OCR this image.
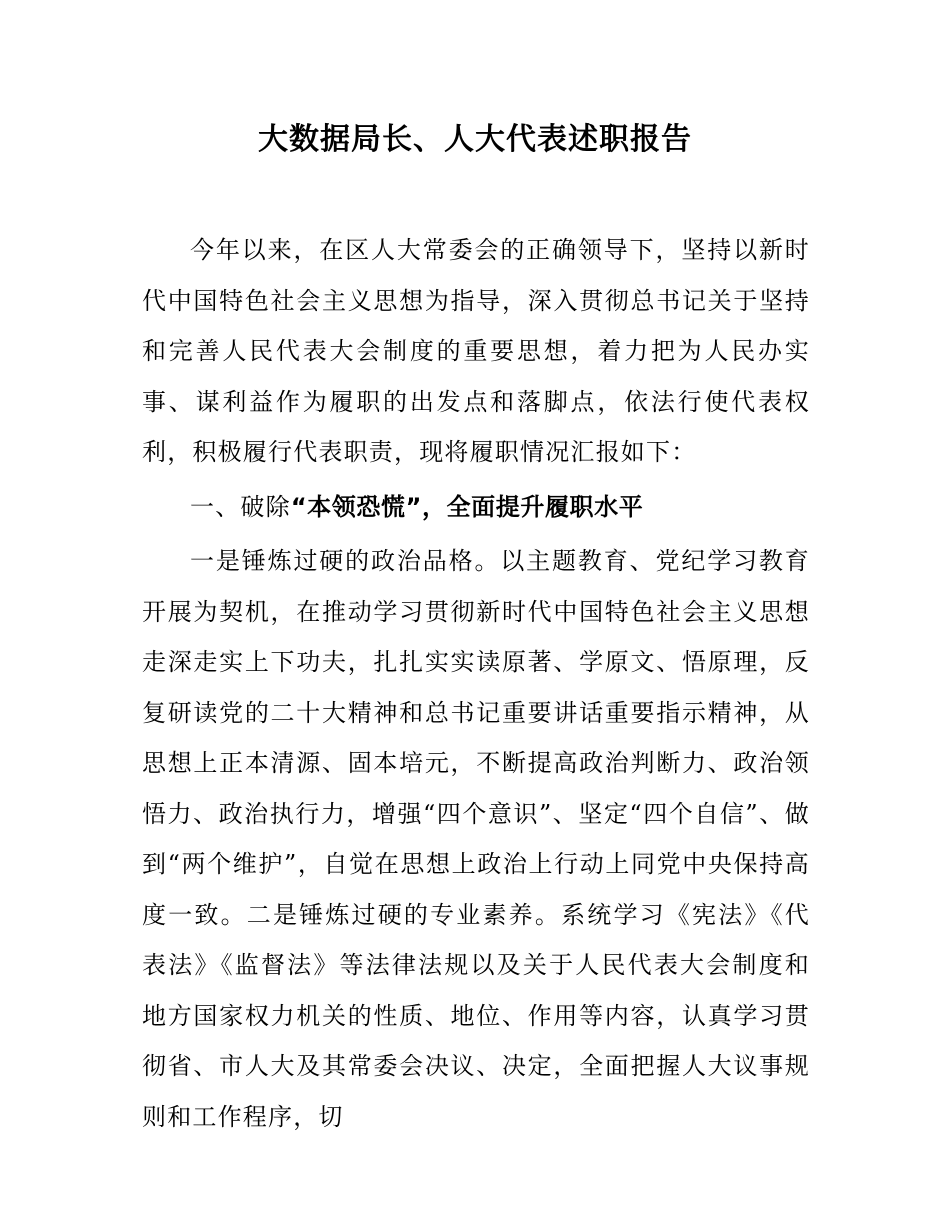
大数据局长、人大代表述职报告

今年以来，在区人大常委会的正确领导下，坚持以新时代中国特色社会主义思想为指导，深入贯彻总书记关于坚持和完善人民代表大会制度的重要思想，着力把为人民办实事、谋利益作为履职的出发点和落脚点，依法行使代表权利，积极履行代表职责，现将履职情况汇报如下：

一、破除“本领恐慌”，全面提升履职水平

一是锤炼过硬的政治品格。以主题教育、党纪学习教育开展为契机，在推动学习贯彻新时代中国特色社会主义思想走深走实上下功夫，扎扎实实读原著、学原文、悟原理，反复研读党的二十大精神和总书记重要讲话重要指示精神，从思想上正本清源、固本培元，不断提高政治判断力、政治领悟力、政治执行力，增强“四个意识”、坚定“四个自信”、做到“两个维护”，自觉在思想上政治上行动上同党中央保持高度一致。二是锤炼过硬的专业素养。系统学习《宪法》《代表法》《监督法》等法律法规以及关于人民代表大会制度和地方国家权力机关的性质、地位、作用等内容，认真学习贯彻省、市人大及其常委会决议、决定，全面把握人大议事规则和工作程序，切
